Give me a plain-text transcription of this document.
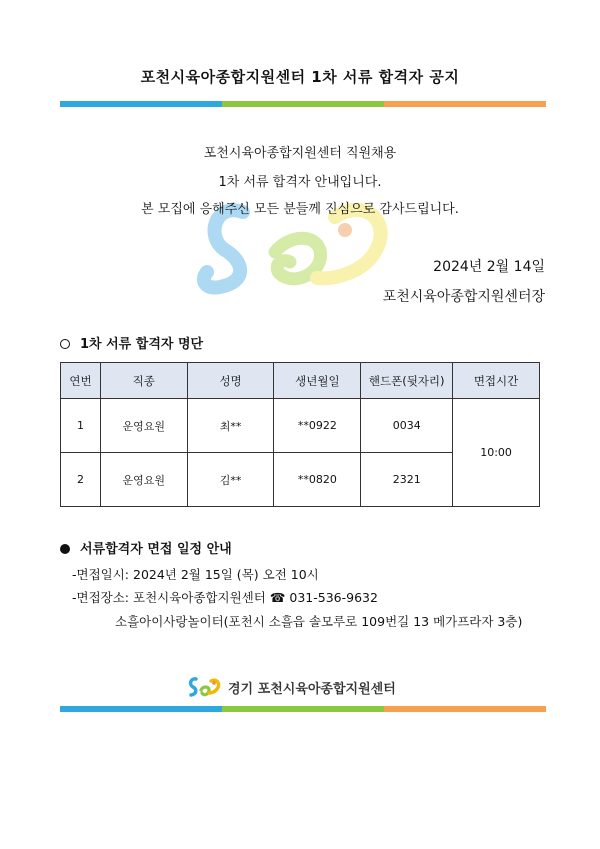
포천시육아종합지원센터 1차 서류 합격자 공지
포천시육아종합지원센터 직원채용
1차 서류 합격자 안내입니다.
본 모집에 응해주신 모든 분들께 진심으로 감사드립니다.
2024년 2월 14일
포천시육아종합지원센터장
1차 서류 합격자 명단
연번	직종	성명	생년월일	핸드폰(뒷자리)	면접시간
1	운영요원	최**	**0922	0034	10:00
2	운영요원	김**	**0820	2321	
서류합격자 면접 일정 안내
-면접일시: 2024년 2월 15일 (목) 오전 10시
-면접장소: 포천시육아종합지원센터 ☎ 031-536-9632
소흘아이사랑놀이터(포천시 소흘읍 솔모루로 109번길 13 메가프라자 3층)
경기 포천시육아종합지원센터
